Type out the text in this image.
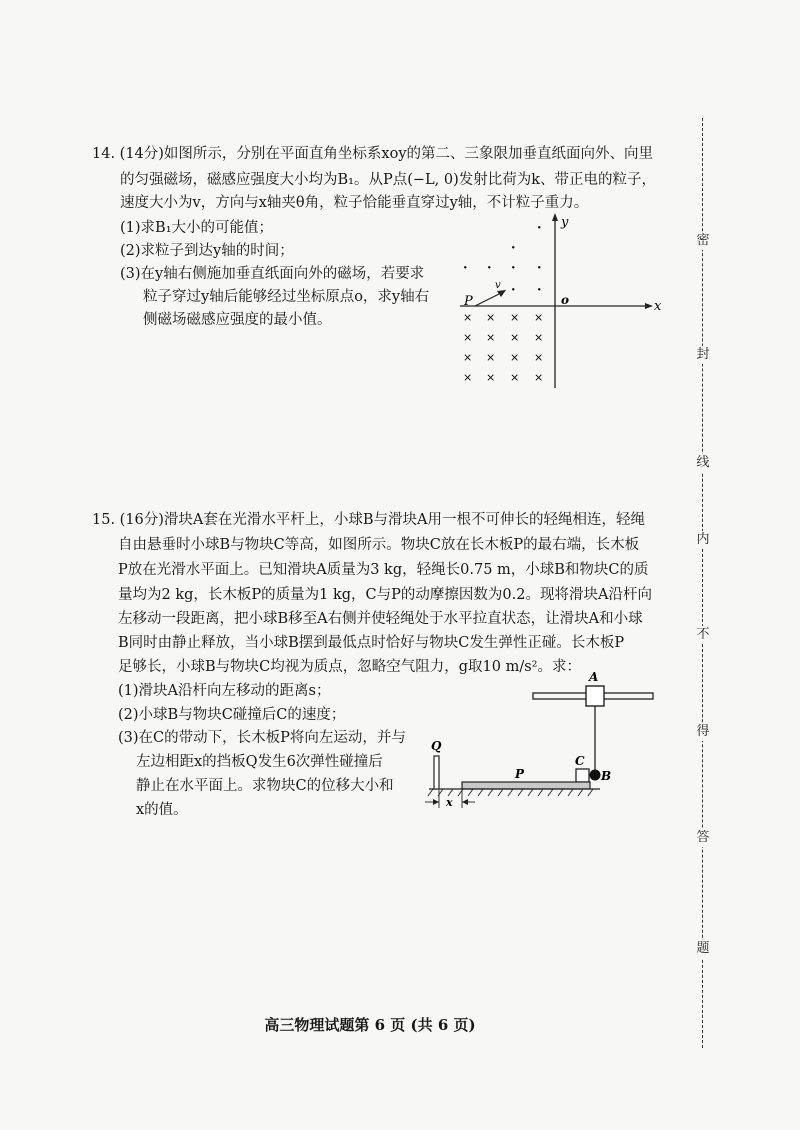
14. (14分)如图所示，分别在平面直角坐标系xoy的第二、三象限加垂直纸面向外、向里
的匀强磁场，磁感应强度大小均为B₁。从P点(−L, 0)发射比荷为k、带正电的粒子，
速度大小为v，方向与x轴夹θ角，粒子恰能垂直穿过y轴，不计粒子重力。
(1)求B₁大小的可能值；
(2)求粒子到达y轴的时间；
(3)在y轴右侧施加垂直纸面向外的磁场，若要求
粒子穿过y轴后能够经过坐标原点o，求y轴右
侧磁场磁感应强度的最小值。
y
x
o
·
·
· · · ·
· ·
× × × ×
× × × ×
× × × ×
× × × ×
P
v
15. (16分)滑块A套在光滑水平杆上，小球B与滑块A用一根不可伸长的轻绳相连，轻绳
自由悬垂时小球B与物块C等高，如图所示。物块C放在长木板P的最右端，长木板
P放在光滑水平面上。已知滑块A质量为3 kg，轻绳长0.75 m，小球B和物块C的质
量均为2 kg，长木板P的质量为1 kg，C与P的动摩擦因数为0.2。现将滑块A沿杆向
左移动一段距离，把小球B移至A右侧并使轻绳处于水平拉直状态，让滑块A和小球
B同时由静止释放，当小球B摆到最低点时恰好与物块C发生弹性正碰。长木板P
足够长，小球B与物块C均视为质点，忽略空气阻力，g取10 m/s²。求：
(1)滑块A沿杆向左移动的距离s；
(2)小球B与物块C碰撞后C的速度；
(3)在C的带动下，长木板P将向左运动，并与
左边相距x的挡板Q发生6次弹性碰撞后
静止在水平面上。求物块C的位移大小和
x的值。
A
B
C
P
Q
x
高三物理试题第 6 页 (共 6 页)
密
封
线
内
不
得
答
题
